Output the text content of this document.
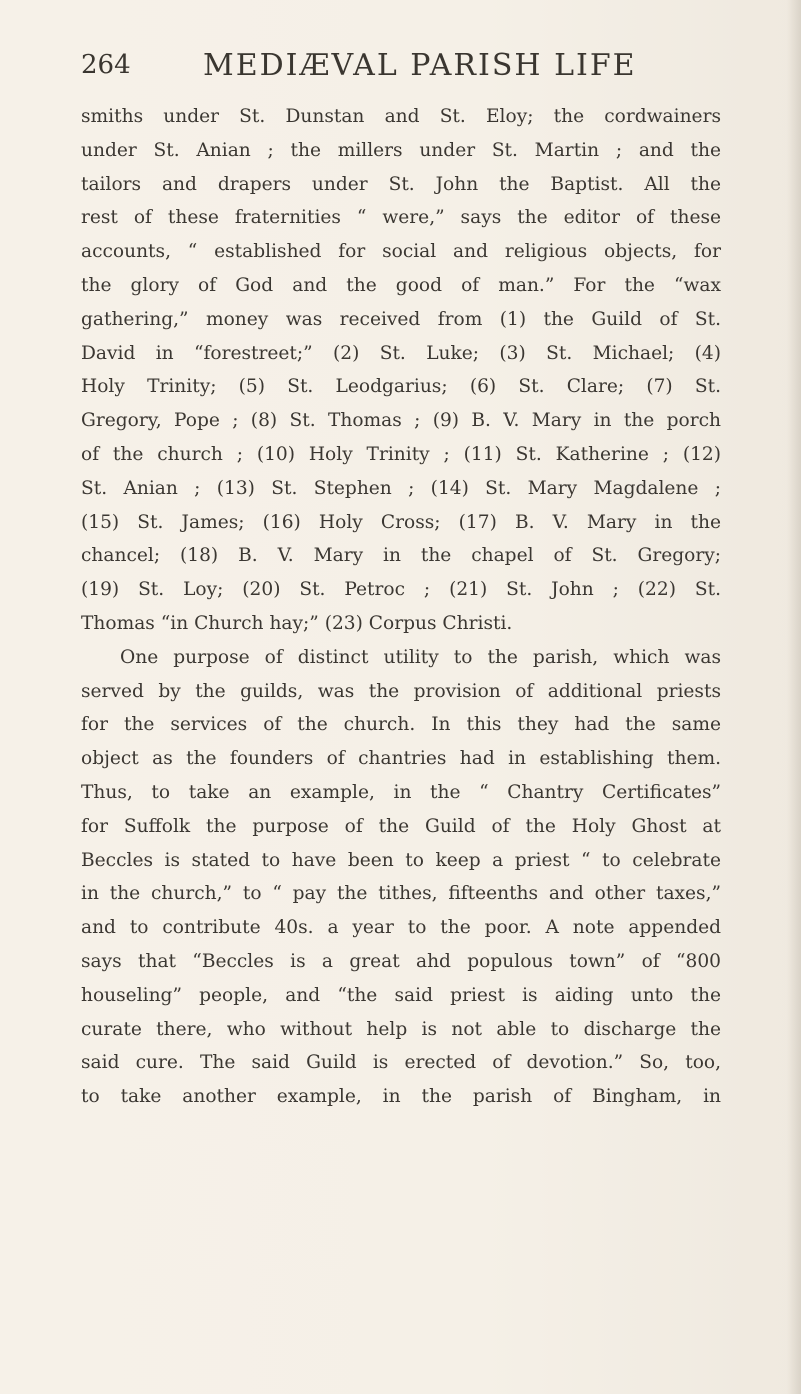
264 MEDIÆVAL PARISH LIFE
smiths under St. Dunstan and St. Eloy; the cordwainers
under St. Anian ; the millers under St. Martin ; and the
tailors and drapers under St. John the Baptist. All the
rest of these fraternities “ were,” says the editor of these
accounts, “ established for social and religious objects, for
the glory of God and the good of man.” For the “wax
gathering,” money was received from (1) the Guild of St.
David in “forestreet;” (2) St. Luke; (3) St. Michael; (4)
Holy Trinity; (5) St. Leodgarius; (6) St. Clare; (7) St.
Gregory, Pope ; (8) St. Thomas ; (9) B. V. Mary in the porch
of the church ; (10) Holy Trinity ; (11) St. Katherine ; (12)
St. Anian ; (13) St. Stephen ; (14) St. Mary Magdalene ;
(15) St. James; (16) Holy Cross; (17) B. V. Mary in the
chancel; (18) B. V. Mary in the chapel of St. Gregory;
(19) St. Loy; (20) St. Petroc ; (21) St. John ; (22) St.
Thomas “in Church hay;” (23) Corpus Christi.
One purpose of distinct utility to the parish, which was
served by the guilds, was the provision of additional priests
for the services of the church. In this they had the same
object as the founders of chantries had in establishing them.
Thus, to take an example, in the “ Chantry Certificates”
for Suffolk the purpose of the Guild of the Holy Ghost at
Beccles is stated to have been to keep a priest “ to celebrate
in the church,” to “ pay the tithes, fifteenths and other taxes,”
and to contribute 40s. a year to the poor. A note appended
says that “Beccles is a great ahd populous town” of “800
houseling” people, and “the said priest is aiding unto the
curate there, who without help is not able to discharge the
said cure. The said Guild is erected of devotion.” So, too,
to take another example, in the parish of Bingham, in
